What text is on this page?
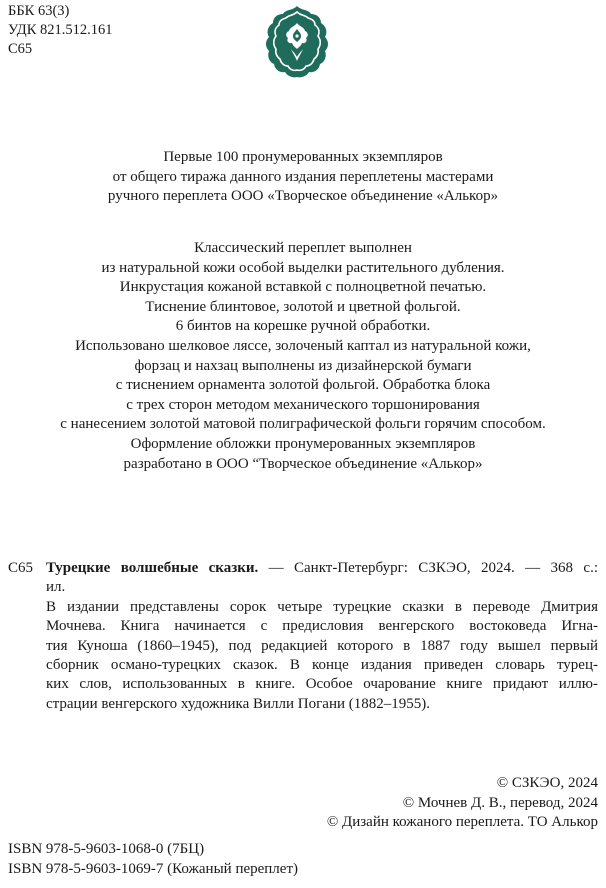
ББК 63(3)
УДК 821.512.161
С65
Первые 100 пронумерованных экземпляров
от общего тиража данного издания переплетены мастерами
ручного переплета ООО «Творческое объединение «Алькор»
Классический переплет выполнен
из натуральной кожи особой выделки растительного дубления.
Инкрустация кожаной вставкой с полноцветной печатью.
Тиснение блинтовое, золотой и цветной фольгой.
6 бинтов на корешке ручной обработки.
Использовано шелковое ляссе, золоченый каптал из натуральной кожи,
форзац и нахзац выполнены из дизайнерской бумаги
с тиснением орнамента золотой фольгой. Обработка блока
с трех сторон методом механического торшонирования
с нанесением золотой матовой полиграфической фольги горячим способом.
Оформление обложки пронумерованных экземпляров
разработано в ООО “Творческое объединение «Алькор»
С65 Турецкие волшебные сказки. — Санкт-Петербург: СЗКЭО, 2024. — 368 с.:
ил.
В издании представлены сорок четыре турецкие сказки в переводе Дмитрия
Мочнева. Книга начинается с предисловия венгерского востоковеда Игна-
тия Куноша (1860–1945), под редакцией которого в 1887 году вышел первый
сборник османо-турецких сказок. В конце издания приведен словарь турец-
ких слов, использованных в книге. Особое очарование книге придают иллю-
страции венгерского художника Вилли Погани (1882–1955).
© СЗКЭО, 2024
© Мочнев Д. В., перевод, 2024
© Дизайн кожаного переплета. ТО Алькор
ISBN 978-5-9603-1068-0 (7БЦ)
ISBN 978-5-9603-1069-7 (Кожаный переплет)
